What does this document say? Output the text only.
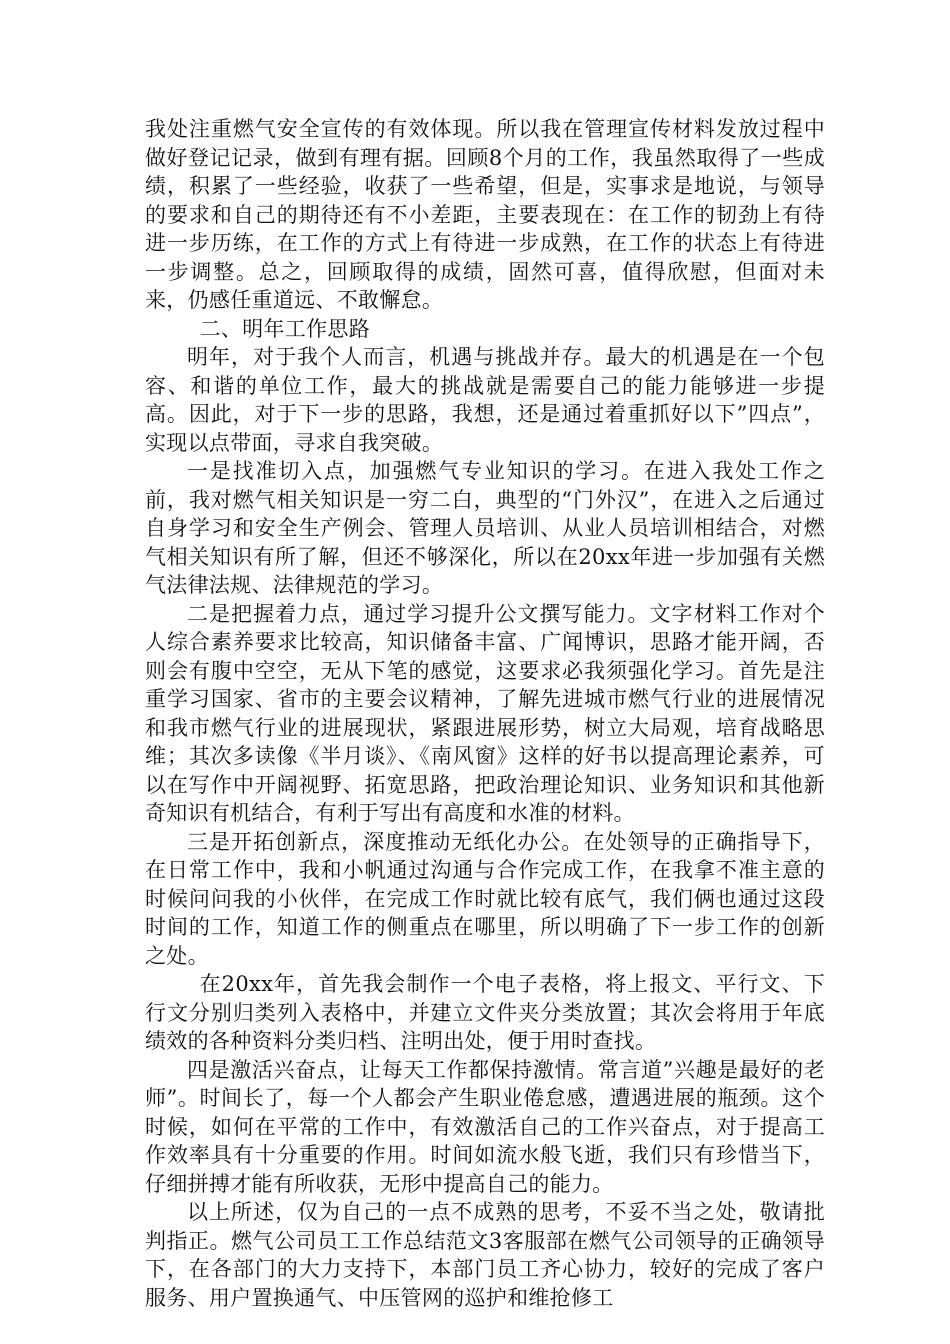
我处注重燃气安全宣传的有效体现。所以我在管理宣传材料发放过程中做好登记记录，做到有理有据。回顾8个月的工作，我虽然取得了一些成绩，积累了一些经验，收获了一些希望，但是，实事求是地说，与领导的要求和自己的期待还有不小差距，主要表现在：在工作的韧劲上有待进一步历练，在工作的方式上有待进一步成熟，在工作的状态上有待进一步调整。总之，回顾取得的成绩，固然可喜，值得欣慰，但面对未来，仍感任重道远、不敢懈怠。

二、明年工作思路

明年，对于我个人而言，机遇与挑战并存。最大的机遇是在一个包容、和谐的单位工作，最大的挑战就是需要自己的能力能够进一步提高。因此，对于下一步的思路，我想，还是通过着重抓好以下”四点”，实现以点带面，寻求自我突破。

一是找准切入点，加强燃气专业知识的学习。在进入我处工作之前，我对燃气相关知识是一穷二白，典型的“门外汉”，在进入之后通过自身学习和安全生产例会、管理人员培训、从业人员培训相结合，对燃气相关知识有所了解，但还不够深化，所以在20xx年进一步加强有关燃气法律法规、法律规范的学习。

二是把握着力点，通过学习提升公文撰写能力。文字材料工作对个人综合素养要求比较高，知识储备丰富、广闻博识，思路才能开阔，否则会有腹中空空，无从下笔的感觉，这要求必我须强化学习。首先是注重学习国家、省市的主要会议精神，了解先进城市燃气行业的进展情况和我市燃气行业的进展现状，紧跟进展形势，树立大局观，培育战略思维；其次多读像《半月谈》、《南风窗》这样的好书以提高理论素养，可以在写作中开阔视野、拓宽思路，把政治理论知识、业务知识和其他新奇知识有机结合，有利于写出有高度和水准的材料。

三是开拓创新点，深度推动无纸化办公。在处领导的正确指导下，在日常工作中，我和小帆通过沟通与合作完成工作，在我拿不准主意的时候问问我的小伙伴，在完成工作时就比较有底气，我们俩也通过这段时间的工作，知道工作的侧重点在哪里，所以明确了下一步工作的创新之处。

在20xx年，首先我会制作一个电子表格，将上报文、平行文、下行文分别归类列入表格中，并建立文件夹分类放置；其次会将用于年底绩效的各种资料分类归档、注明出处，便于用时查找。

四是激活兴奋点，让每天工作都保持激情。常言道”兴趣是最好的老师”。时间长了，每一个人都会产生职业倦怠感，遭遇进展的瓶颈。这个时候，如何在平常的工作中，有效激活自己的工作兴奋点，对于提高工作效率具有十分重要的作用。时间如流水般飞逝，我们只有珍惜当下，仔细拼搏才能有所收获，无形中提高自己的能力。

以上所述，仅为自己的一点不成熟的思考，不妥不当之处，敬请批判指正。燃气公司员工工作总结范文3客服部在燃气公司领导的正确领导下，在各部门的大力支持下，本部门员工齐心协力，较好的完成了客户服务、用户置换通气、中压管网的巡护和维抢修工
